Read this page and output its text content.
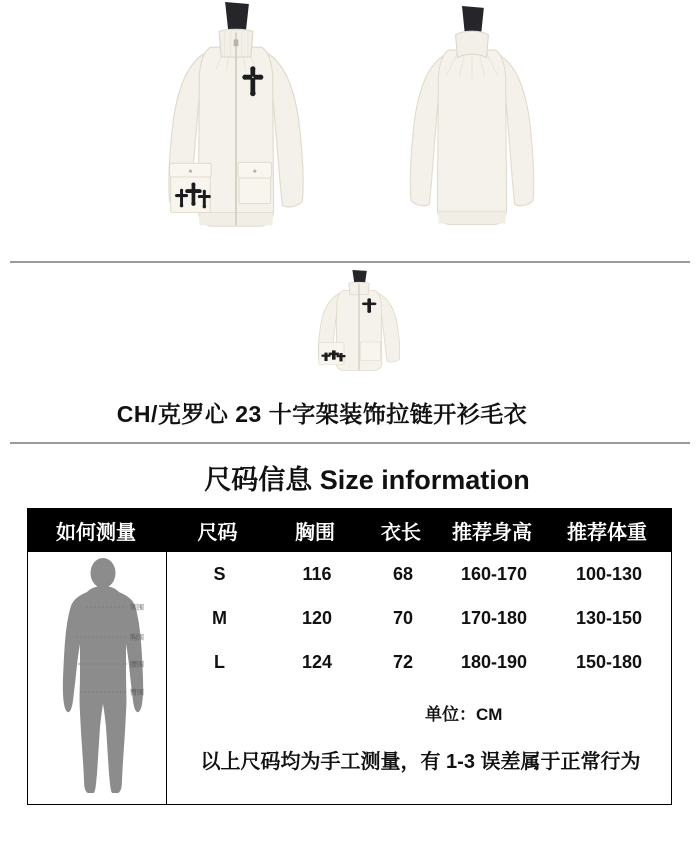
CH/克罗心 23 十字架装饰拉链开衫毛衣
尺码信息 Size information
如何测量	尺码	胸围	衣长	推荐身高	推荐体重
领围
胸围
腰围
臀围
S	116	68	160-170	100-130
M	120	70	170-180	130-150
L	124	72	180-190	150-180
单位：CM
以上尺码均为手工测量，有 1-3 误差属于正常行为
